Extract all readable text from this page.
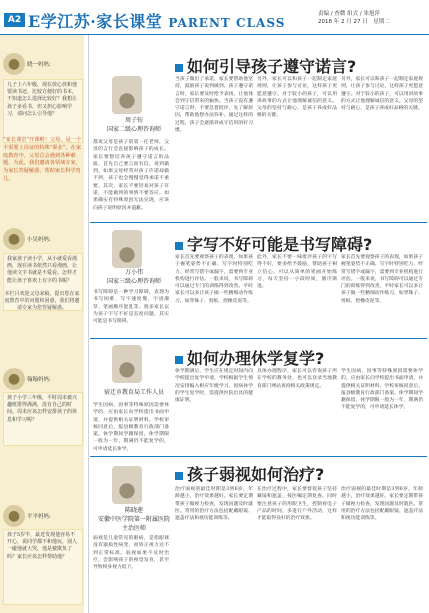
A2 E学江苏·家长课堂 PARENT CLASS
责编 / 查微 组式 / 朱旭萍
2018 年 2 月 27 日　星期二
● 晓一妈妈:
儿子上六年级，现在放心放和他要读书还，比较方便好的书本，不知道怎么选择比较好？我想让孩子多看书，但又担心影响学习，请问怎么引导他？
● 小吴妈妈:
我家孩子读小学，从小就爱看漫画，现在读书依然只看漫画，让他读文字书就是不爱看。怎样才能让孩子喜欢上有字的书呢？
● 翰翰妈妈:
孩子小学三年级，平时周末被兴趣班排得满满，没有自己的时间。周末应该怎样安排孩子的休息和学习呢？
● 平平妈妈:
孩子5岁半，最近发现他容易不开心，说同学都不和他玩，别人一碰他就大哭，他是被欺负了吗？家长应该怎样帮助他？
“家长课堂”开课啦！父母，是一个不需要上岗证的特殊“职业”。在家庭教育中，父母总会遇到各种难题。为此，我们邀请各领域专家，为家长答疑解惑，帮助家长科学育儿。
本栏目欢迎父母来稿，提出您在家庭教育中的问题和困惑，我们将邀请专家为您答疑解惑。
如何引导孩子遵守诺言?
●
周子钰
国家二级心理咨询师
都说父母是孩子的第一任老师，父母的言行会直接影响孩子的成长。家长要想培养孩子遵守诺言的品质，首先自己要言而有信，说到做到。如果父母经常对孩子许诺却做不到，孩子也会慢慢觉得承诺不重要。其次，家长不要轻易对孩子许诺，不能做到的事情不要答应。如果确实有特殊原因无法兑现，应该向孩子说明原因并道歉。
当孩子做出了承诺，家长要帮助他坚持，鼓励孩子说到做到。孩子遵守诺言时，家长要及时给予表扬，让他体会到守信带来的愉快。当孩子没有遵守诺言时，不要急着批评，先了解原因，帮助他想办法弥补。通过这样的过程，孩子会逐渐养成守信用的好习惯。
另外，家长可以和孩子一起制定家庭规则，让孩子参与讨论，这样孩子更愿意遵守。对于较小的孩子，可以用讲故事的方式让他理解诚信的意义。父母的坚持与耐心，是孩子养成好品格的关键。
另外，家长可以和孩子一起制定家庭规则，让孩子参与讨论，这样孩子更愿意遵守。对于较小的孩子，可以用讲故事的方式让他理解诚信的意义。父母的坚持与耐心，是孩子养成好品格的关键。
字写不好可能是书写障碍?
●
万小伟
国家三级心理咨询师
书写障碍是一种学习障碍，表现为书写困难、写字速度慢、字迹潦草、笔画顺序混乱等。很多家长以为孩子字写不好是态度问题，其实可能是书写障碍。
家长首先要观察孩子的表现，如果孩子握笔姿势不正确、写字时特别吃力、经常写错字或漏字，需要到专业机构进行评估。一般来说，书写障碍可以通过专门的训练得到改善。平时家长可以多让孩子做一些精细动作练习，如穿珠子、剪纸、捏橡皮泥等。
此外，家长不要一味批评孩子的字写得不好，要多给予鼓励，帮助孩子树立信心。可以从简单的笔画开始练习，每天坚持一小段时间，循序渐进。
家长首先要观察孩子的表现，如果孩子握笔姿势不正确、写字时特别吃力、经常写错字或漏字，需要到专业机构进行评估。一般来说，书写障碍可以通过专门的训练得到改善。平时家长可以多让孩子做一些精细动作练习，如穿珠子、剪纸、捏橡皮泥等。
如何办理休学复学?
●
宿迁市教育局工作人员
学生因病、因事等特殊原因需要休学的，应由家长向学校提出书面申请，并提供相关证明材料。学校审核同意后，报县级教育行政部门备案。休学期间学籍保留，休学期限一般为一年，期满仍不能复学的，可申请延长休学。
休学期满后，学生应在规定时间内向学校提出复学申请，学校根据学生情况安排编入相应年级学习。因病休学的学生复学时，需提供医院出具的健康证明。
具体办理程序，家长可以咨询孩子所在学校的教务处，也可以登录当地教育部门网站查询相关政策规定。
学生因病、因事等特殊原因需要休学的，应由家长向学校提出书面申请，并提供相关证明材料。学校审核同意后，报县级教育行政部门备案。休学期间学籍保留，休学期限一般为一年，期满仍不能复学的，可申请延长休学。
孩子弱视如何治疗?
●
陈晓莲
安徽中医学院第一附属医院主治医师
弱视是儿童常见的眼病，是指眼球没有器质性病变，而矫正视力达不到正常标准。弱视如果不及时治疗，会影响孩子的视觉发育，甚至导致终身视力低下。
治疗弱视的最佳时期是3到6岁，年龄越小，治疗效果越好。家长要定期带孩子做视力检查，发现问题及时就医。常用的治疗方法包括配戴眼镜、遮盖疗法和视功能训练等。
在治疗过程中，家长要督促孩子坚持戴镜和遮盖，按医嘱定期复查。同时要注意孩子的用眼卫生，控制看电子产品的时间，多进行户外活动，这样才能取得良好的治疗效果。
治疗弱视的最佳时期是3到6岁，年龄越小，治疗效果越好。家长要定期带孩子做视力检查，发现问题及时就医。常用的治疗方法包括配戴眼镜、遮盖疗法和视功能训练等。
